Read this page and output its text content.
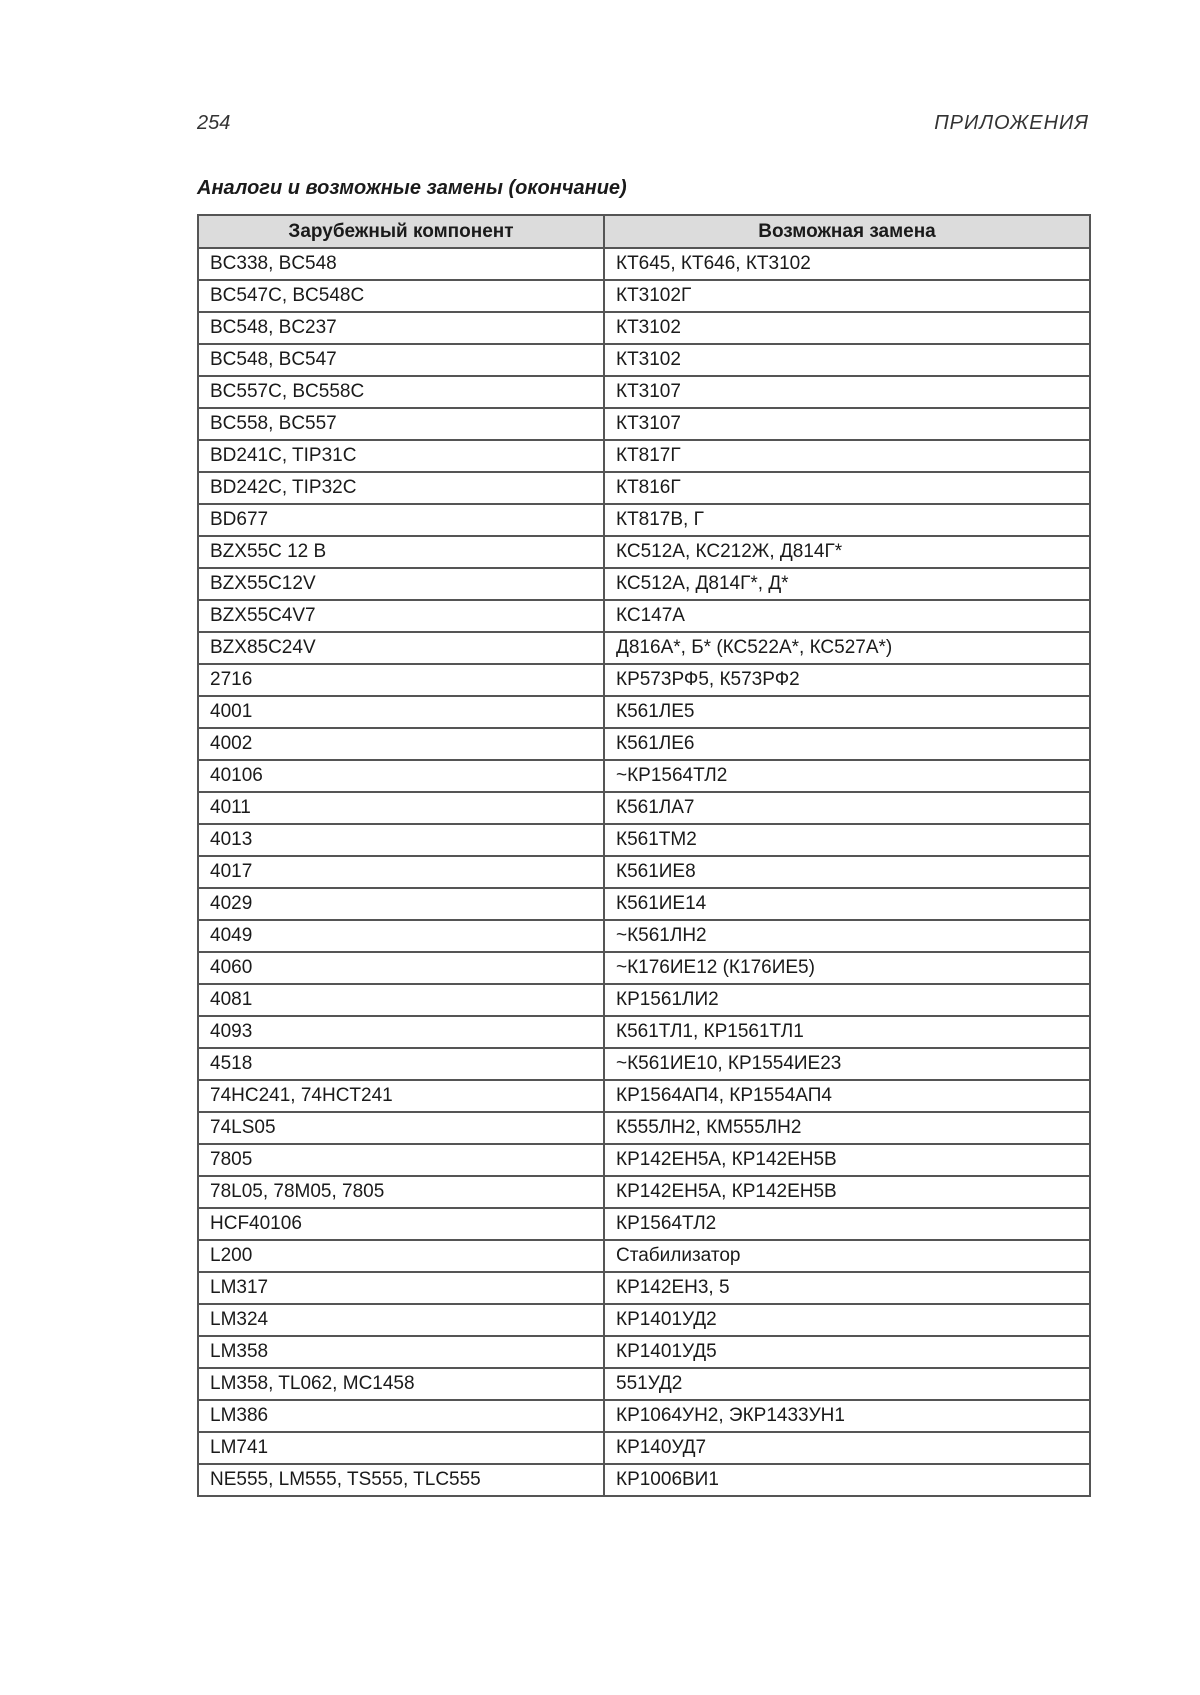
254	ПРИЛОЖЕНИЯ
Аналоги и возможные замены (окончание)
Зарубежный компонент	Возможная замена
BC338, BC548	КТ645, КТ646, КТ3102
BC547C, BC548C	КТ3102Г
BC548, BC237	КТ3102
BC548, BC547	КТ3102
BC557C, BC558C	КТ3107
BC558, BC557	КТ3107
BD241C, TIP31C	КТ817Г
BD242C, TIP32C	КТ816Г
BD677	КТ817В, Г
BZX55C 12 В	КС512А, КС212Ж, Д814Г*
BZX55C12V	КС512А, Д814Г*, Д*
BZX55C4V7	КС147А
BZX85C24V	Д816А*, Б* (КС522А*, КС527А*)
2716	КР573РФ5, К573РФ2
4001	К561ЛЕ5
4002	К561ЛЕ6
40106	~КР1564ТЛ2
4011	К561ЛА7
4013	К561ТМ2
4017	К561ИЕ8
4029	К561ИЕ14
4049	~К561ЛН2
4060	~К176ИЕ12 (К176ИЕ5)
4081	КР1561ЛИ2
4093	К561ТЛ1, КР1561ТЛ1
4518	~К561ИЕ10, КР1554ИЕ23
74HC241, 74HCT241	КР1564АП4, КР1554АП4
74LS05	К555ЛН2, КМ555ЛН2
7805	КР142ЕН5А, КР142ЕН5В
78L05, 78M05, 7805	КР142ЕН5А, КР142ЕН5В
HCF40106	КР1564ТЛ2
L200	Стабилизатор
LM317	КР142ЕН3, 5
LM324	КР1401УД2
LM358	КР1401УД5
LM358, TL062, MC1458	551УД2
LM386	КР1064УН2, ЭКР1433УН1
LM741	КР140УД7
NE555, LM555, TS555, TLC555	КР1006ВИ1
